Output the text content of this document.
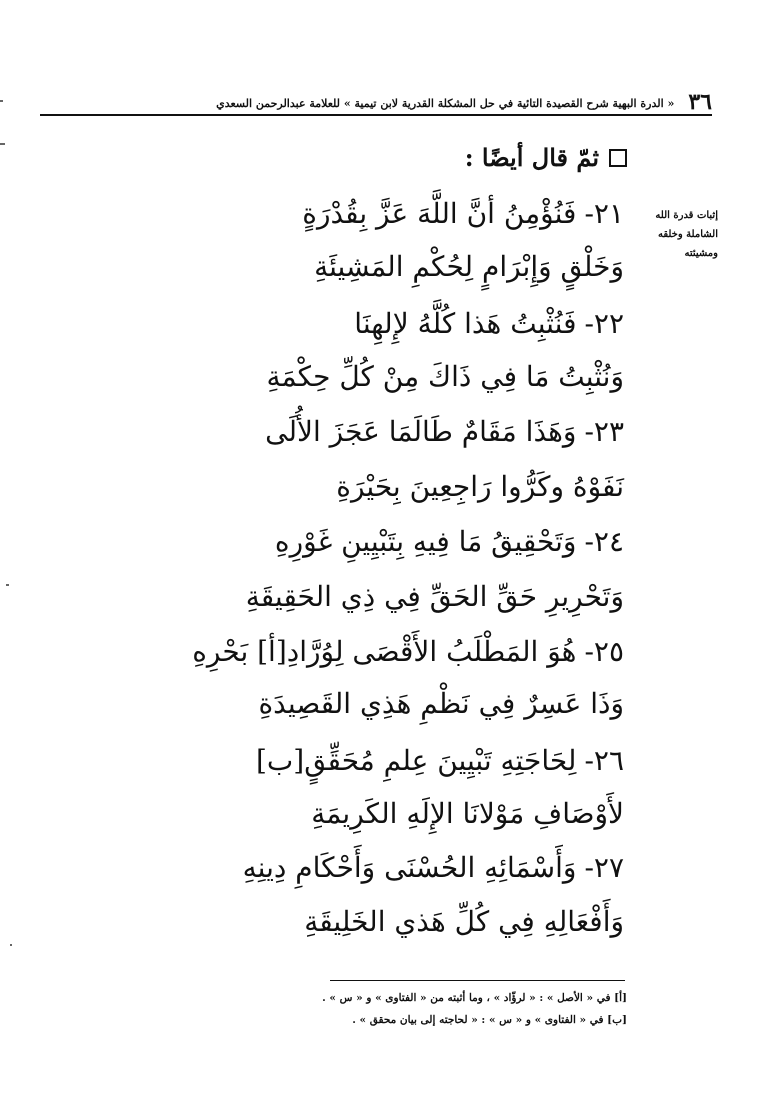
٣٦
« الدرة البهية شرح القصيدة التائية في حل المشكلة القدرية لابن تيمية » للعلامة عبدالرحمن السعدي
ثمّ قال أيضًا :
إثبات قدرة الله
الشاملة وخلقه
ومشيئته
٢١-فَنُؤْمِنُ أنَّ اللَّهَ عَزَّ بِقُدْرَةٍ
وَخَلْقٍ وَإِبْرَامٍ لِحُكْمِ المَشِيئَةِ
٢٢-فَنُثْبِتُ هَذا كُلَّهُ لإِلهِنَا
وَنُثْبِتُ مَا فِي ذَاكَ مِنْ كُلِّ حِكْمَةِ
٢٣-وَهَذَا مَقَامٌ طَالَمَا عَجَزَ الأُلَى
نَفَوْهُ وكَرُّوا رَاجِعِينَ بِحَيْرَةِ
٢٤-وَتَحْقِيقُ مَا فِيهِ بِتَبْيِينِ غَوْرِهِ
وَتَحْرِيرِ حَقِّ الحَقِّ فِي ذِي الحَقِيقَةِ
٢٥-هُوَ المَطْلَبُ الأَقْصَى لِوُرَّادِ[أ] بَحْرِهِ
وَذَا عَسِرٌ فِي نَظْمِ هَذِي القَصِيدَةِ
٢٦-لِحَاجَتِهِ تَبْيِينَ عِلمِ مُحَقِّقٍ[ب]
لأَوْصَافِ مَوْلانَا الإِلَهِ الكَرِيمَةِ
٢٧-وَأَسْمَائِهِ الحُسْنَى وَأَحْكَامِ دِينِهِ
وَأَفْعَالِهِ فِي كُلِّ هَذي الخَلِيقَةِ
[أ] في « الأصل » : « لرؤّاد » ، وما أثبته من « الفتاوى » و « س » .
[ب] في « الفتاوى » و « س » : « لحاجته إلى بيان محقق » .
